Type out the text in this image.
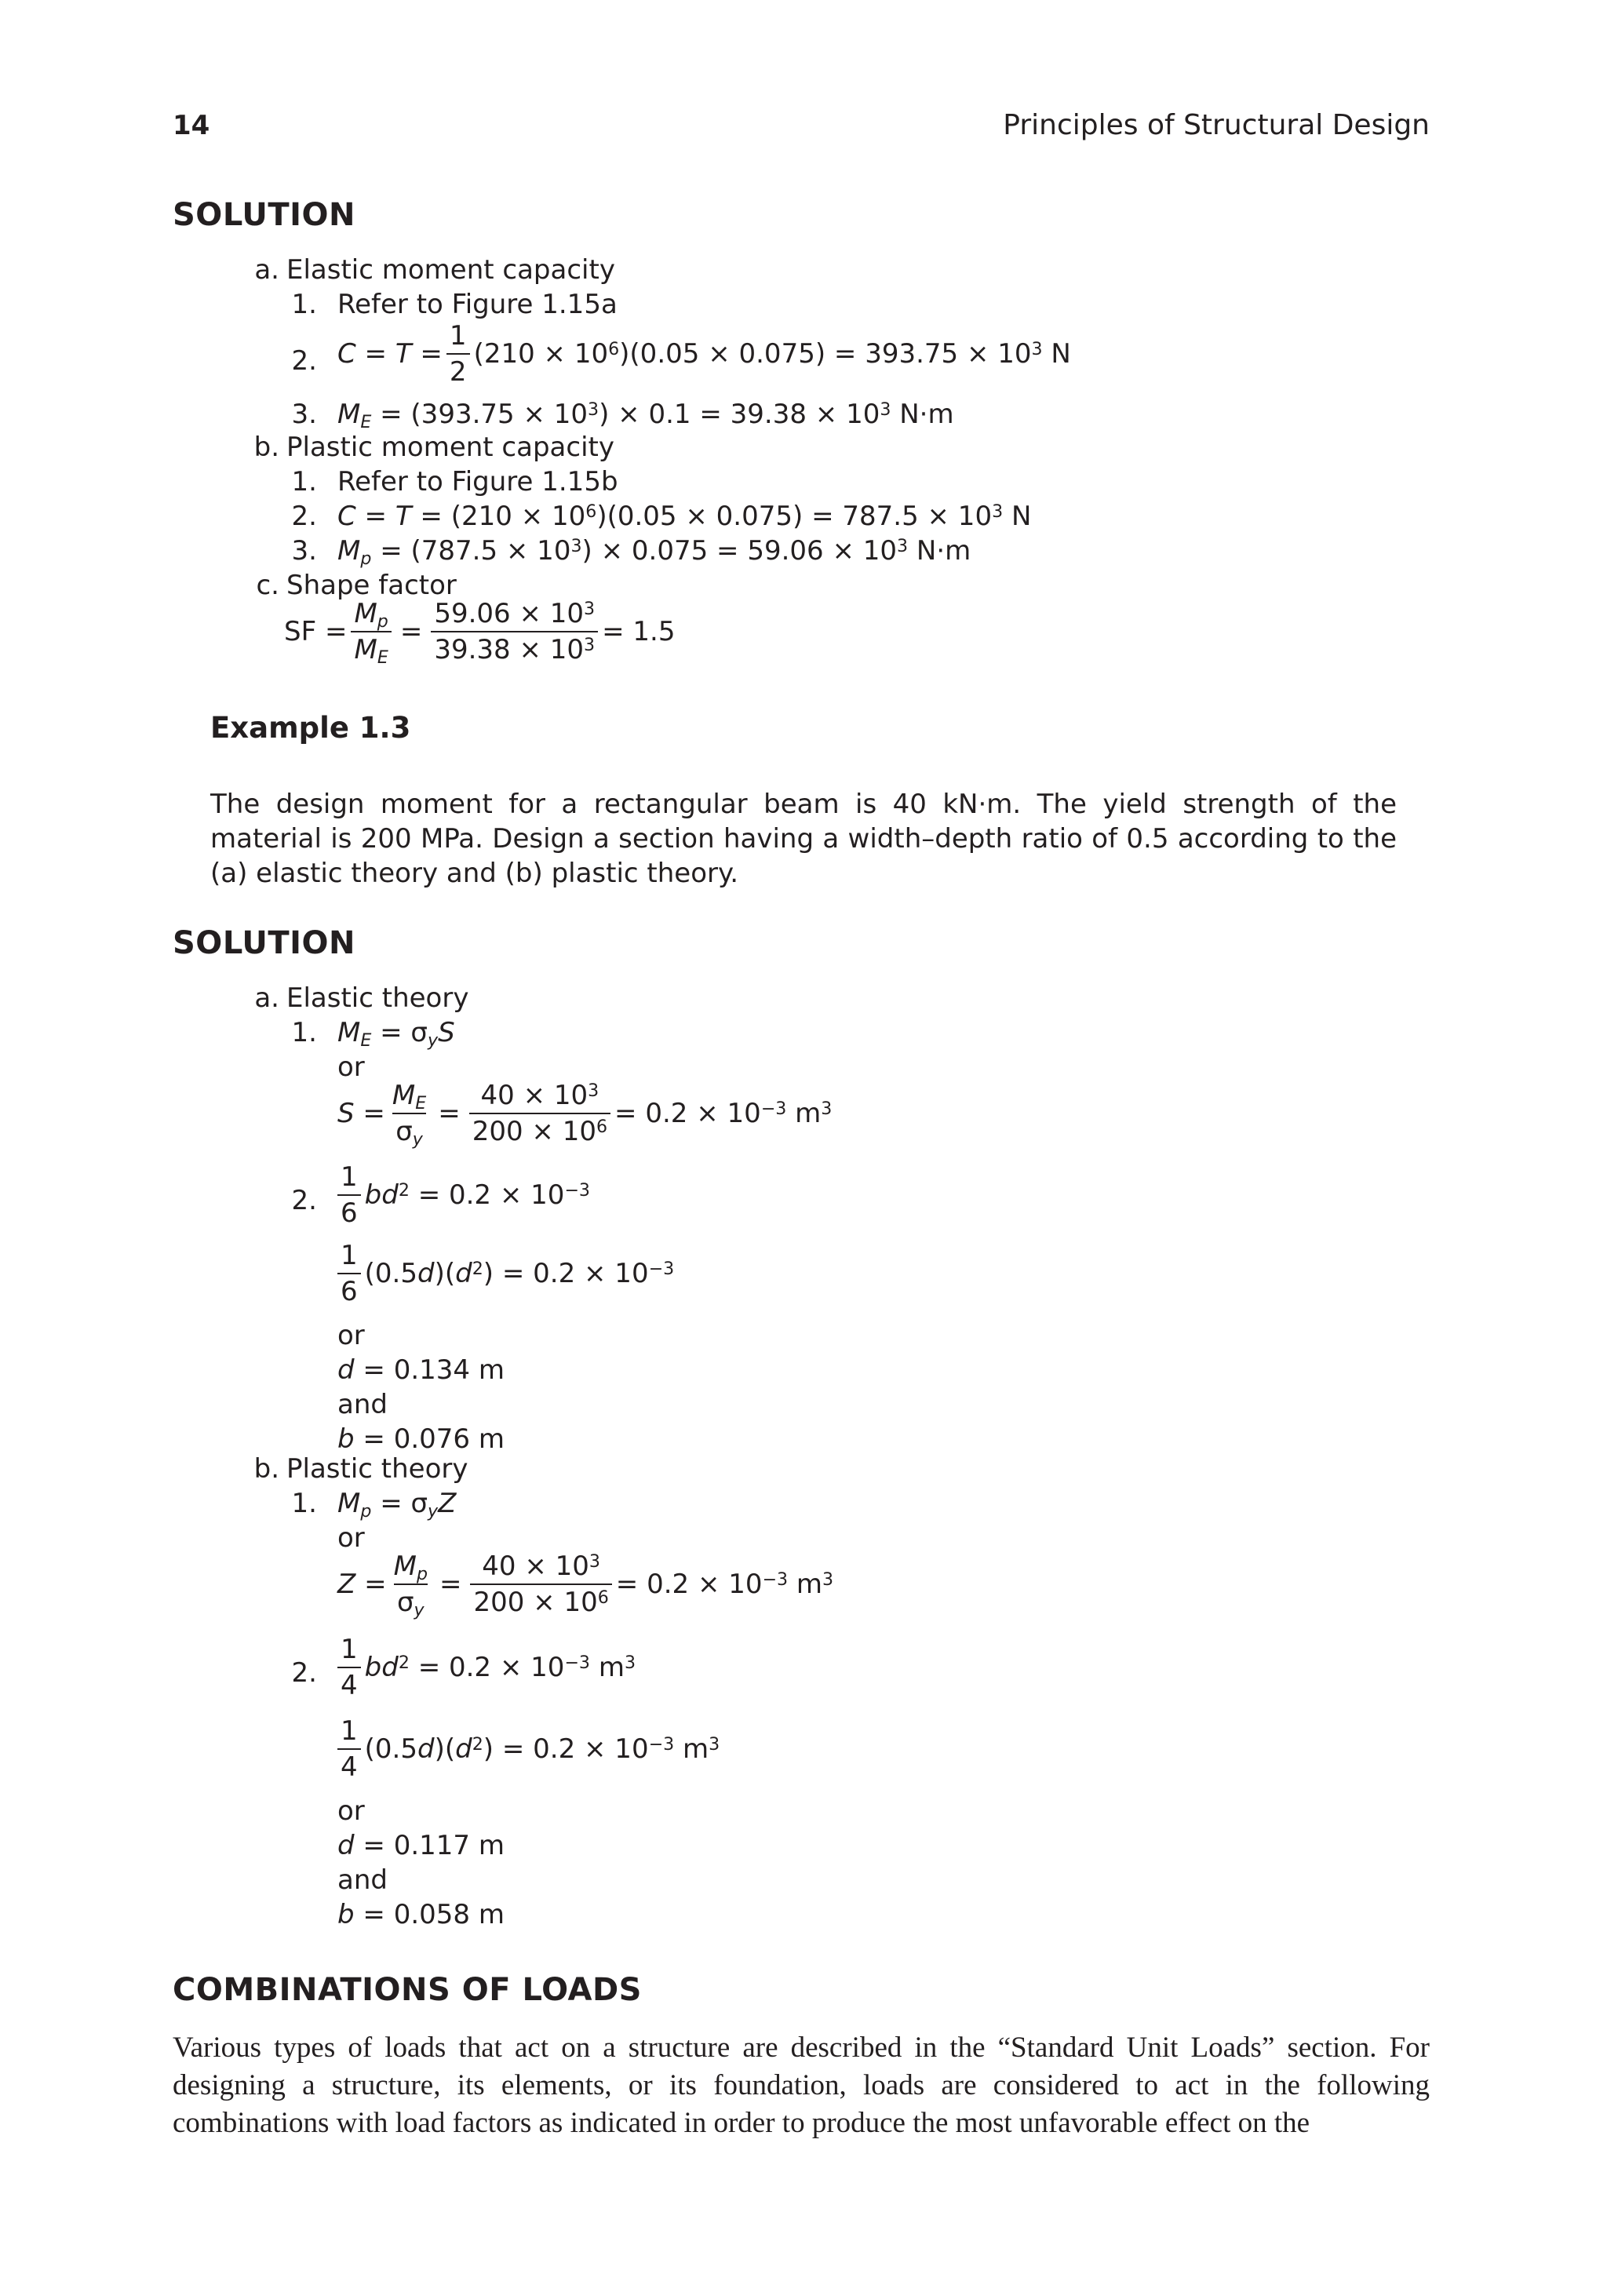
14	Principles of Structural Design
SOLUTION
a. Elastic moment capacity
1. Refer to Figure 1.15a
2. $C = T = \frac{1}{2} (210 \times 10^6)(0.05 \times 0.075) = 393.75 \times 10^3$ N
3. $M_E = (393.75 \times 10^3) \times 0.1 = 39.38 \times 10^3$ N·m
b. Plastic moment capacity
1. Refer to Figure 1.15b
2. $C = T = (210 \times 10^6)(0.05 \times 0.075) = 787.5 \times 10^3$ N
3. $M_p = (787.5 \times 10^3) \times 0.075 = 59.06 \times 10^3$ N·m
c. Shape factor
SF = $\frac{M_p}{M_E} = \frac{59.06 \times 10^3}{39.38 \times 10^3} = 1.5$
Example 1.3
The design moment for a rectangular beam is 40 kN·m. The yield strength of the material is 200 MPa. Design a section having a width–depth ratio of 0.5 according to the (a) elastic theory and (b) plastic theory.
SOLUTION
a. Elastic theory
1. $M_E = \sigma_yS$
or
$S = \frac{M_E}{\sigma_y} = \frac{40 \times 10^3}{200 \times 10^6} = 0.2 \times 10^{-3}$ $m^3$
2. $\frac{1}{6} bd^2 = 0.2 \times 10^{-3}$
$\frac{1}{6} (0.5d)(d^2) = 0.2 \times 10^{-3}$
or
d = 0.134 m
and
b = 0.076 m
b. Plastic theory
1. $M_p = \sigma_yZ$
or
$Z = \frac{M_p}{\sigma_y} = \frac{40 \times 10^3}{200 \times 10^6} = 0.2 \times 10^{-3}$ $m^3$
2. $\frac{1}{4} bd^2 = 0.2 \times 10^{-3}$ $m^3$
$\frac{1}{4} (0.5d)(d^2) = 0.2 \times 10^{-3}$ $m^3$
or
d = 0.117 m
and
b = 0.058 m
COMBINATIONS OF LOADS
Various types of loads that act on a structure are described in the “Standard Unit Loads” section. For designing a structure, its elements, or its foundation, loads are considered to act in the following combinations with load factors as indicated in order to produce the most unfavorable effect on the
